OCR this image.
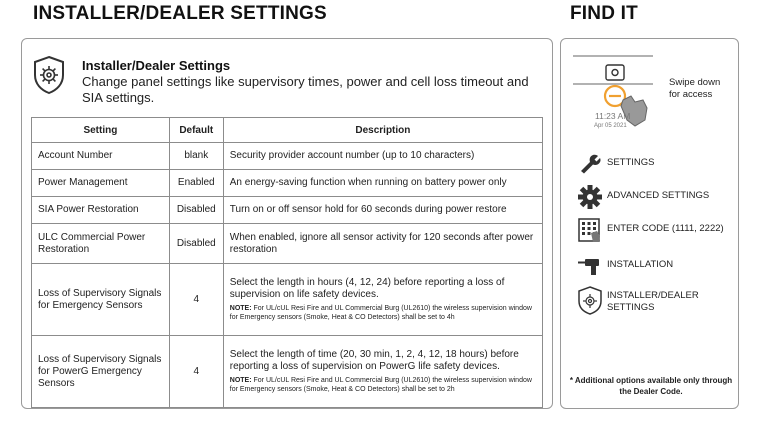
INSTALLER/DEALER SETTINGS	FIND IT
Installer/Dealer Settings
Change panel settings like supervisory times, power and cell loss timeout and SIA settings.
Setting	Default	Description
Account Number	blank	Security provider account number (up to 10 characters)
Power Management	Enabled	An energy-saving function when running on battery power only
SIA Power Restoration	Disabled	Turn on or off sensor hold for 60 seconds during power restore
ULC Commercial Power Restoration	Disabled	When enabled, ignore all sensor activity for 120 seconds after power restoration
Loss of Supervisory Signals for Emergency Sensors	4	Select the length in hours (4, 12, 24) before reporting a loss of supervision on life safety devices.
NOTE: For UL/cUL Resi Fire and UL Commercial Burg (UL2610) the wireless supervision window for Emergency sensors (Smoke, Heat & CO Detectors) shall be set to 4h

Loss of Supervisory Signals for PowerG Emergency Sensors	4	Select the length of time (20, 30 min, 1, 2, 4, 12, 18 hours) before reporting a loss of supervision on PowerG life safety devices.
NOTE: For UL/cUL Resi Fire and UL Commercial Burg (UL2610) the wireless supervision window for Emergency sensors (Smoke, Heat & CO Detectors) shall be set to 2h
11:23 AM
Apr 05 2021
Swipe down for access
SETTINGS
ADVANCED SETTINGS
ENTER CODE (1111, 2222)
INSTALLATION
INSTALLER/DEALER SETTINGS
* Additional options available only through the Dealer Code.
